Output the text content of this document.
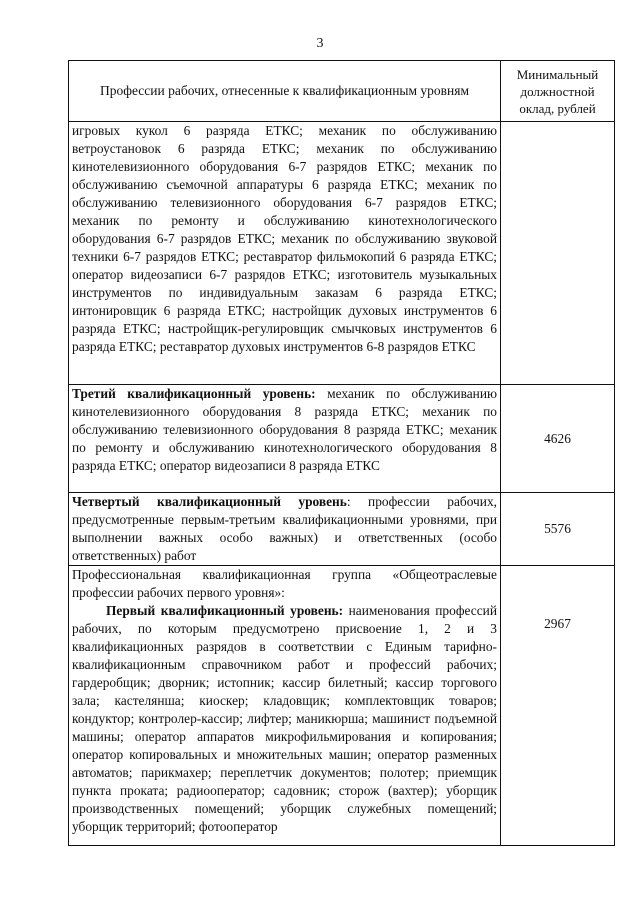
3
Профессии рабочих, отнесенные к квалификационным уровням	Минимальный должностной оклад, рублей
игровых кукол 6 разряда ЕТКС; механик по обслуживанию ветроустановок 6 разряда ЕТКС; механик по обслуживанию кинотелевизионного оборудования 6-7 разрядов ЕТКС; механик по обслуживанию съемочной аппаратуры 6 разряда ЕТКС; механик по обслуживанию телевизионного оборудования 6-7 разрядов ЕТКС; механик по ремонту и обслуживанию кинотехнологического оборудования 6-7 разрядов ЕТКС; механик по обслуживанию звуковой техники 6-7 разрядов ЕТКС; реставратор фильмокопий 6 разряда ЕТКС; оператор видеозаписи 6-7 разрядов ЕТКС; изготовитель музыкальных инструментов по индивидуальным заказам 6 разряда ЕТКС; интонировщик 6 разряда ЕТКС; настройщик духовых инструментов 6 разряда ЕТКС; настройщик-регулировщик смычковых инструментов 6 разряда ЕТКС; реставратор духовых инструментов 6-8 разрядов ЕТКС	
Третий квалификационный уровень: механик по обслуживанию кинотелевизионного оборудования 8 разряда ЕТКС; механик по обслуживанию телевизионного оборудования 8 разряда ЕТКС; механик по ремонту и обслуживанию кинотехнологического оборудования 8 разряда ЕТКС; оператор видеозаписи 8 разряда ЕТКС	4626
Четвертый квалификационный уровень: профессии рабочих, предусмотренные первым-третьим квалификационными уровнями, при выполнении важных особо важных) и ответственных (особо ответственных) работ	5576

Профессиональная квалификационная группа «Общеотраслевые профессии рабочих первого уровня»:

Первый квалификационный уровень: наименования профессий рабочих, по которым предусмотрено присвоение 1, 2 и 3 квалификационных разрядов в соответствии с Единым тарифно-квалификационным справочником работ и профессий рабочих; гардеробщик; дворник; истопник; кассир билетный; кассир торгового зала; кастелянша; киоскер; кладовщик; комплектовщик товаров; кондуктор; контролер-кассир; лифтер; маникюрша; машинист подъемной машины; оператор аппаратов микрофильмирования и копирования; оператор копировальных и множительных машин; оператор разменных автоматов; парикмахер; переплетчик документов; полотер; приемщик пункта проката; радиооператор; садовник; сторож (вахтер); уборщик производственных помещений; уборщик служебных помещений; уборщик территорий; фотооператор	2967
